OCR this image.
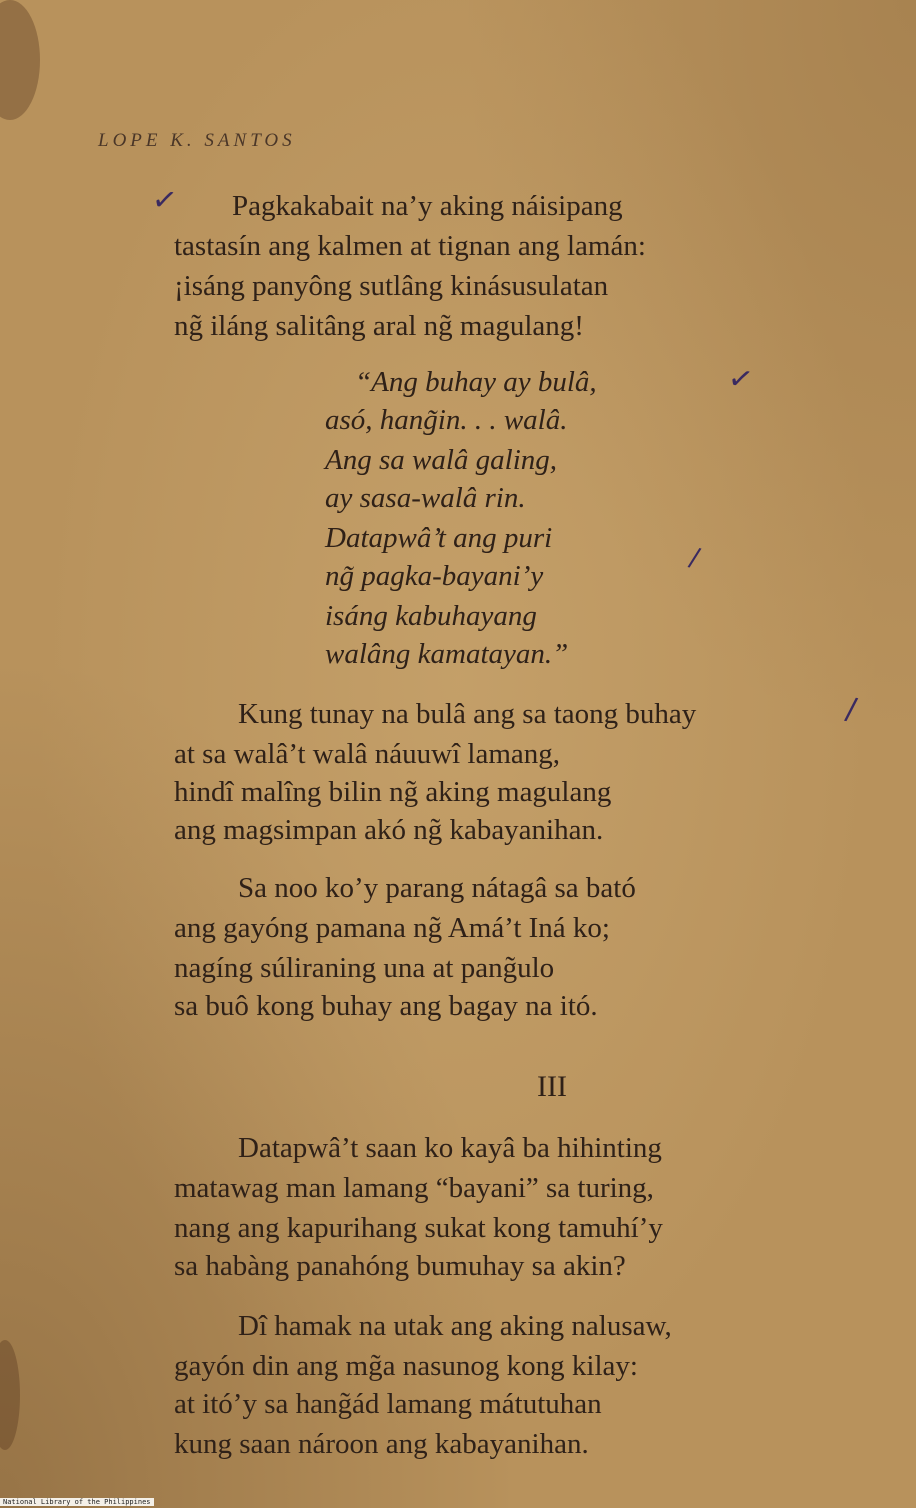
LOPE K. SANTOS
✓
✓
/
/
Pagkakabait na’y aking náisipang
tastasín ang kalmen at tignan ang lamán:
¡isáng panyông sutlâng kinásusulatan
ng̃ iláng salitâng aral ng̃ magulang!
“Ang buhay ay bulâ,
asó, hang̃in. . . walâ.
Ang sa walâ galing,
ay sasa-walâ rin.
Datapwâ’t ang puri
ng̃ pagka-bayani’y
isáng kabuhayang
walâng kamatayan.”
Kung tunay na bulâ ang sa taong buhay
at sa walâ’t walâ náuuwî lamang,
hindî malîng bilin ng̃ aking magulang
ang magsimpan akó ng̃ kabayanihan.
Sa noo ko’y parang nátagâ sa bató
ang gayóng pamana ng̃ Amá’t Iná ko;
nagíng súliraning una at pang̃ulo
sa buô kong buhay ang bagay na itó.
III
Datapwâ’t saan ko kayâ ba hihinting
matawag man lamang “bayani” sa turing,
nang ang kapurihang sukat kong tamuhí’y
sa habàng panahóng bumuhay sa akin?
Dî hamak na utak ang aking nalusaw,
gayón din ang mg̃a nasunog kong kilay:
at itó’y sa hang̃ád lamang mátutuhan
kung saan nároon ang kabayanihan.
National Library of the Philippines
